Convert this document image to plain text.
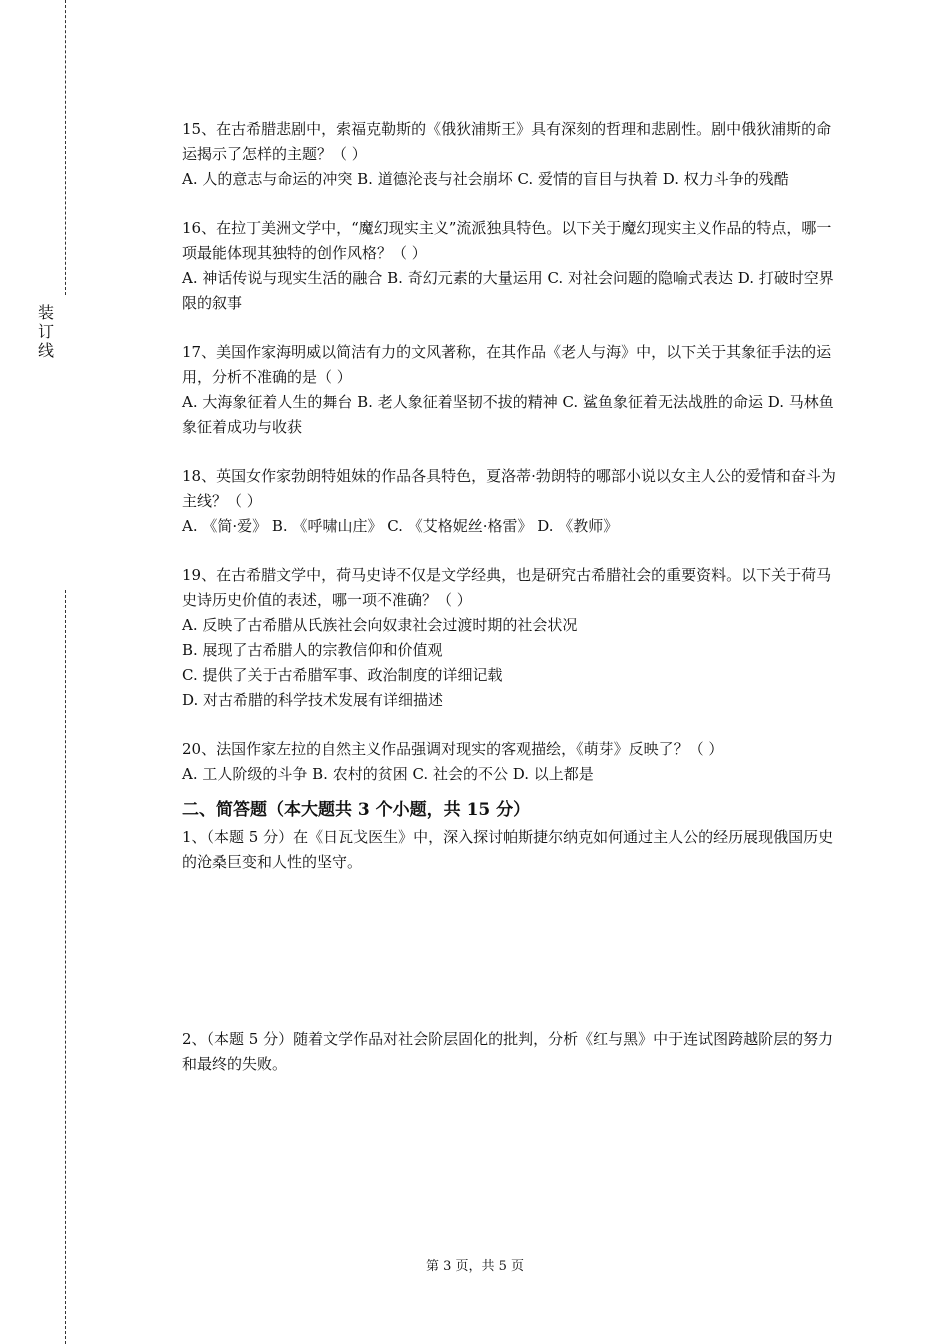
装
订
线

15、在古希腊悲剧中，索福克勒斯的《俄狄浦斯王》具有深刻的哲理和悲剧性。剧中俄狄浦斯的命运揭示了怎样的主题？（ ）

A. 人的意志与命运的冲突 B. 道德沦丧与社会崩坏 C. 爱情的盲目与执着 D. 权力斗争的残酷

16、在拉丁美洲文学中，“魔幻现实主义”流派独具特色。以下关于魔幻现实主义作品的特点，哪一项最能体现其独特的创作风格？（ ）

A. 神话传说与现实生活的融合 B. 奇幻元素的大量运用 C. 对社会问题的隐喻式表达 D. 打破时空界限的叙事

17、美国作家海明威以简洁有力的文风著称，在其作品《老人与海》中，以下关于其象征手法的运用，分析不准确的是（ ）

A. 大海象征着人生的舞台 B. 老人象征着坚韧不拔的精神 C. 鲨鱼象征着无法战胜的命运 D. 马林鱼象征着成功与收获

18、英国女作家勃朗特姐妹的作品各具特色，夏洛蒂·勃朗特的哪部小说以女主人公的爱情和奋斗为主线？（ ）

A. 《简·爱》 B. 《呼啸山庄》 C. 《艾格妮丝·格雷》 D. 《教师》

19、在古希腊文学中，荷马史诗不仅是文学经典，也是研究古希腊社会的重要资料。以下关于荷马史诗历史价值的表述，哪一项不准确？（ ）

A. 反映了古希腊从氏族社会向奴隶社会过渡时期的社会状况

B. 展现了古希腊人的宗教信仰和价值观

C. 提供了关于古希腊军事、政治制度的详细记载

D. 对古希腊的科学技术发展有详细描述

20、法国作家左拉的自然主义作品强调对现实的客观描绘，《萌芽》反映了？（ ）

A. 工人阶级的斗争 B. 农村的贫困 C. 社会的不公 D. 以上都是

二、简答题（本大题共 3 个小题，共 15 分）

1、（本题 5 分）在《日瓦戈医生》中，深入探讨帕斯捷尔纳克如何通过主人公的经历展现俄国历史的沧桑巨变和人性的坚守。

2、（本题 5 分）随着文学作品对社会阶层固化的批判，分析《红与黑》中于连试图跨越阶层的努力和最终的失败。

第 3 页，共 5 页
